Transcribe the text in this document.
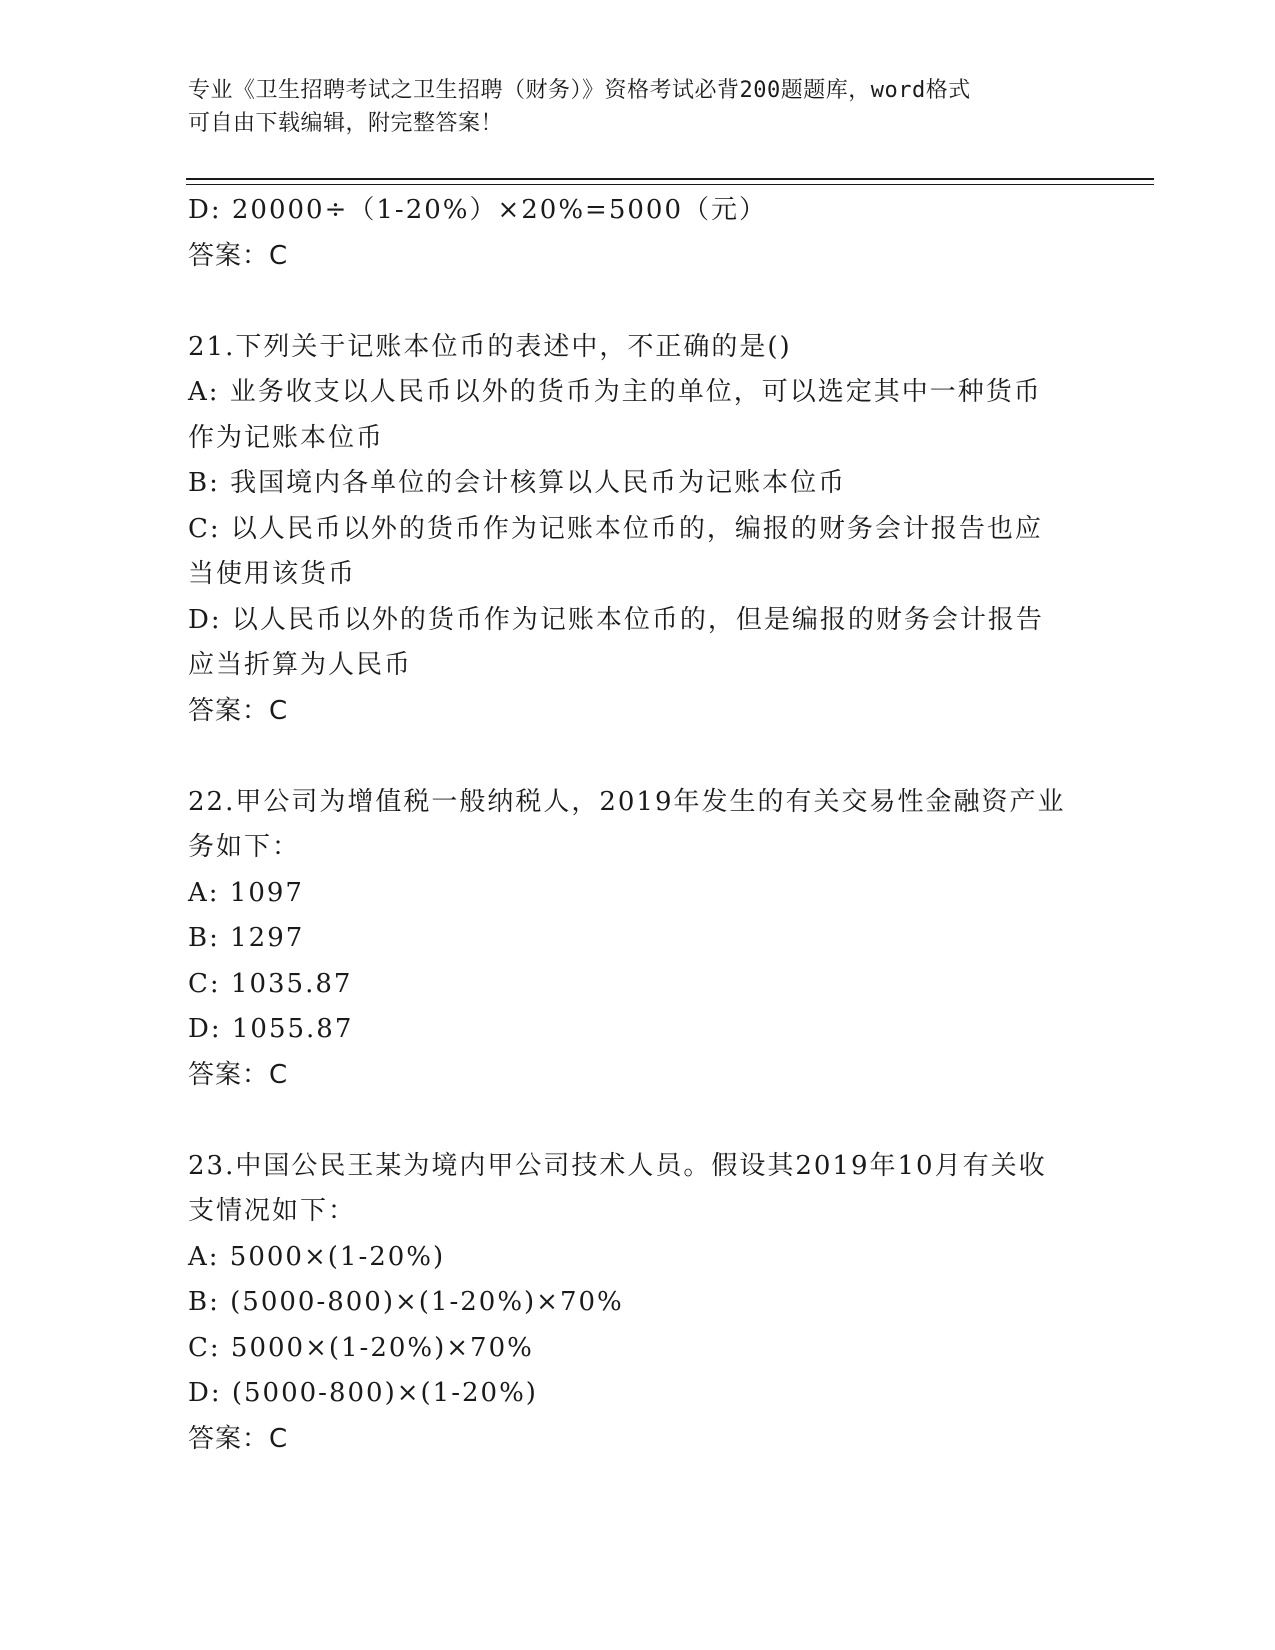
专业《卫生招聘考试之卫生招聘（财务）》资格考试必背200题题库，word格式
可自由下载编辑，附完整答案！
D: 20000÷（1-20%）×20%=5000（元）
答案：C
21.下列关于记账本位币的表述中，不正确的是()
A: 业务收支以人民币以外的货币为主的单位，可以选定其中一种货币
作为记账本位币
B: 我国境内各单位的会计核算以人民币为记账本位币
C: 以人民币以外的货币作为记账本位币的，编报的财务会计报告也应
当使用该货币
D: 以人民币以外的货币作为记账本位币的，但是编报的财务会计报告
应当折算为人民币
答案：C
22.甲公司为增值税一般纳税人，2019年发生的有关交易性金融资产业
务如下：
A: 1097
B: 1297
C: 1035.87
D: 1055.87
答案：C
23.中国公民王某为境内甲公司技术人员。假设其2019年10月有关收
支情况如下：
A: 5000×(1-20%)
B: (5000-800)×(1-20%)×70%
C: 5000×(1-20%)×70%
D: (5000-800)×(1-20%)
答案：C
